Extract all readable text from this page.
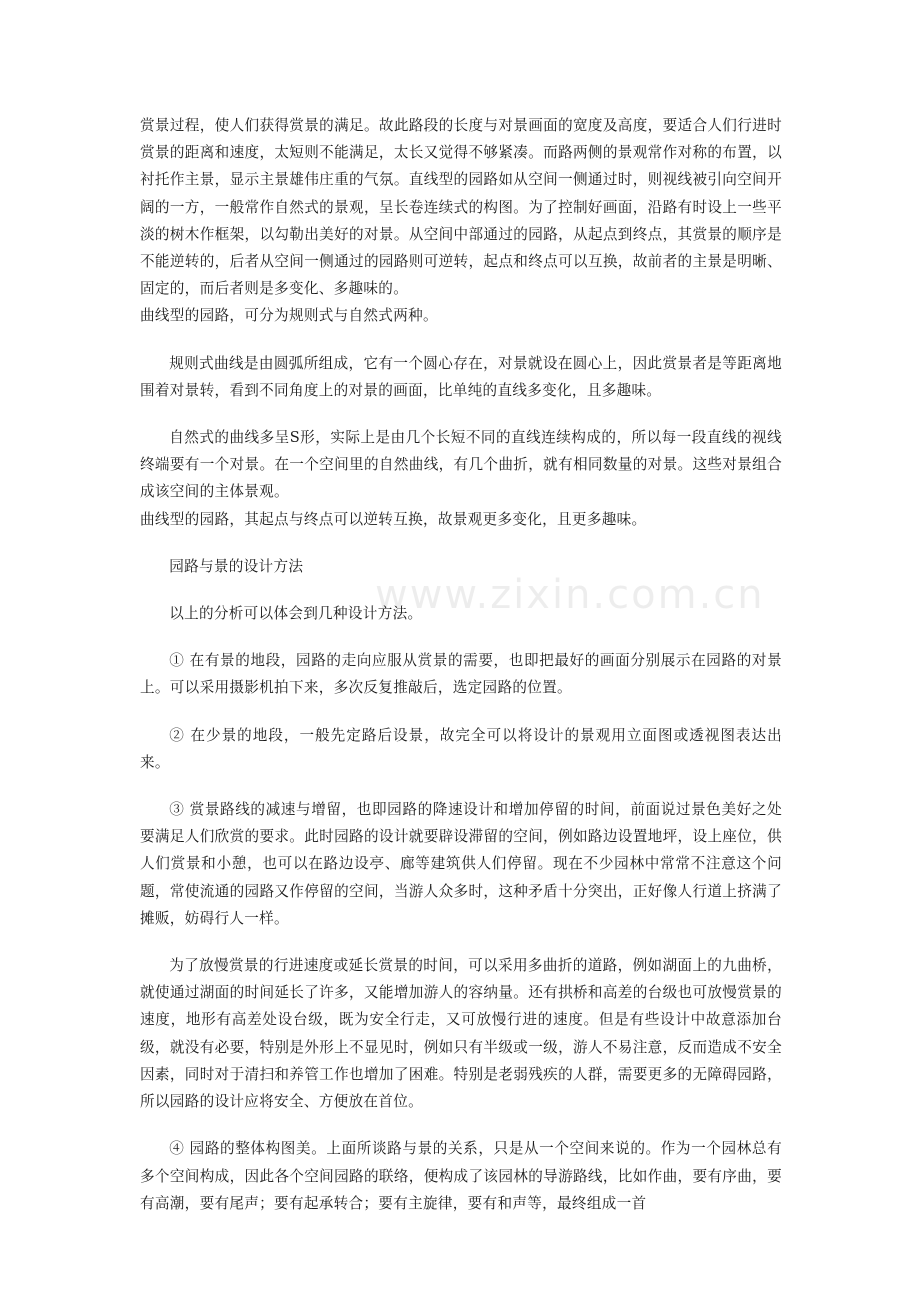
www.zixin.com.cn

赏景过程，使人们获得赏景的满足。故此路段的长度与对景画面的宽度及高度，要适合人们行进时赏景的距离和速度，太短则不能满足，太长又觉得不够紧凑。而路两侧的景观常作对称的布置，以衬托作主景，显示主景雄伟庄重的气氛。直线型的园路如从空间一侧通过时，则视线被引向空间开阔的一方，一般常作自然式的景观，呈长卷连续式的构图。为了控制好画面，沿路有时设上一些平淡的树木作框架，以勾勒出美好的对景。从空间中部通过的园路，从起点到终点，其赏景的顺序是不能逆转的，后者从空间一侧通过的园路则可逆转，起点和终点可以互换，故前者的主景是明晰、固定的，而后者则是多变化、多趣味的。

曲线型的园路，可分为规则式与自然式两种。

规则式曲线是由圆弧所组成，它有一个圆心存在，对景就设在圆心上，因此赏景者是等距离地围着对景转，看到不同角度上的对景的画面，比单纯的直线多变化，且多趣味。

自然式的曲线多呈S形，实际上是由几个长短不同的直线连续构成的，所以每一段直线的视线终端要有一个对景。在一个空间里的自然曲线，有几个曲折，就有相同数量的对景。这些对景组合成该空间的主体景观。

曲线型的园路，其起点与终点可以逆转互换，故景观更多变化，且更多趣味。

园路与景的设计方法

以上的分析可以体会到几种设计方法。

① 在有景的地段，园路的走向应服从赏景的需要，也即把最好的画面分别展示在园路的对景上。可以采用摄影机拍下来，多次反复推敲后，选定园路的位置。

② 在少景的地段，一般先定路后设景，故完全可以将设计的景观用立面图或透视图表达出来。

③ 赏景路线的减速与增留，也即园路的降速设计和增加停留的时间，前面说过景色美好之处要满足人们欣赏的要求。此时园路的设计就要辟设滞留的空间，例如路边设置地坪，设上座位，供人们赏景和小憩，也可以在路边设亭、廊等建筑供人们停留。现在不少园林中常常不注意这个问题，常使流通的园路又作停留的空间，当游人众多时，这种矛盾十分突出，正好像人行道上挤满了摊贩，妨碍行人一样。

为了放慢赏景的行进速度或延长赏景的时间，可以采用多曲折的道路，例如湖面上的九曲桥，就使通过湖面的时间延长了许多，又能增加游人的容纳量。还有拱桥和高差的台级也可放慢赏景的速度，地形有高差处设台级，既为安全行走，又可放慢行进的速度。但是有些设计中故意添加台级，就没有必要，特别是外形上不显见时，例如只有半级或一级，游人不易注意，反而造成不安全因素，同时对于清扫和养管工作也增加了困难。特别是老弱残疾的人群，需要更多的无障碍园路，所以园路的设计应将安全、方便放在首位。

④ 园路的整体构图美。上面所谈路与景的关系，只是从一个空间来说的。作为一个园林总有多个空间构成，因此各个空间园路的联络，便构成了该园林的导游路线，比如作曲，要有序曲，要有高潮，要有尾声；要有起承转合；要有主旋律，要有和声等，最终组成一首
